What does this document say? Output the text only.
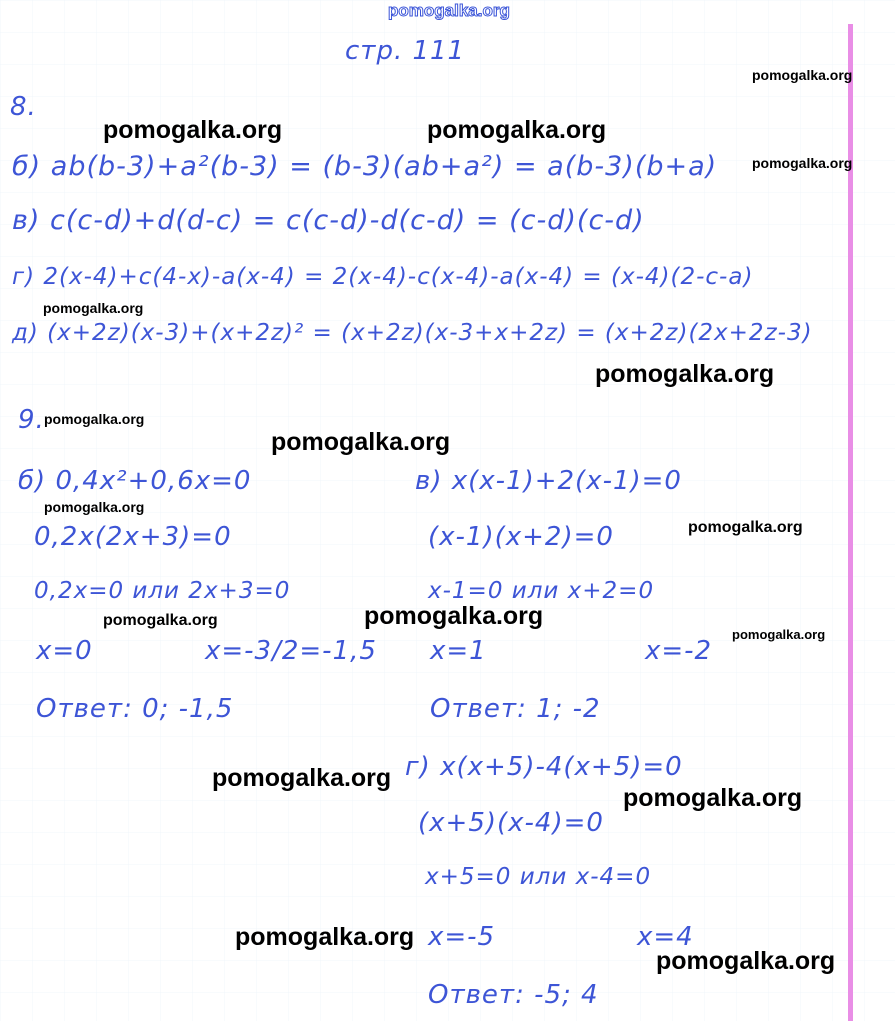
pomogalka.org
стр. 111
8.
б) ab(b-3)+a²(b-3) = (b-3)(ab+a²) = a(b-3)(b+a)
в) c(c-d)+d(d-c) = c(c-d)-d(c-d) = (c-d)(c-d)
г) 2(x-4)+c(4-x)-a(x-4) = 2(x-4)-c(x-4)-a(x-4) = (x-4)(2-c-a)
д) (x+2z)(x-3)+(x+2z)² = (x+2z)(x-3+x+2z) = (x+2z)(2x+2z-3)
9.
б) 0,4x²+0,6x=0
0,2x(2x+3)=0
0,2x=0 или 2x+3=0
x=0	x=-3/2=-1,5
Ответ: 0; -1,5
в) x(x-1)+2(x-1)=0
(x-1)(x+2)=0
x-1=0 или x+2=0
x=1	x=-2
Ответ: 1; -2
г) x(x+5)-4(x+5)=0
(x+5)(x-4)=0
x+5=0 или x-4=0
x=-5	x=4
Ответ: -5; 4
pomogalka.org
pomogalka.org	pomogalka.org
pomogalka.org
pomogalka.org
pomogalka.org
pomogalka.org
pomogalka.org
pomogalka.org
pomogalka.org
pomogalka.org
pomogalka.org
pomogalka.org
pomogalka.org
pomogalka.org
pomogalka.org
pomogalka.org
